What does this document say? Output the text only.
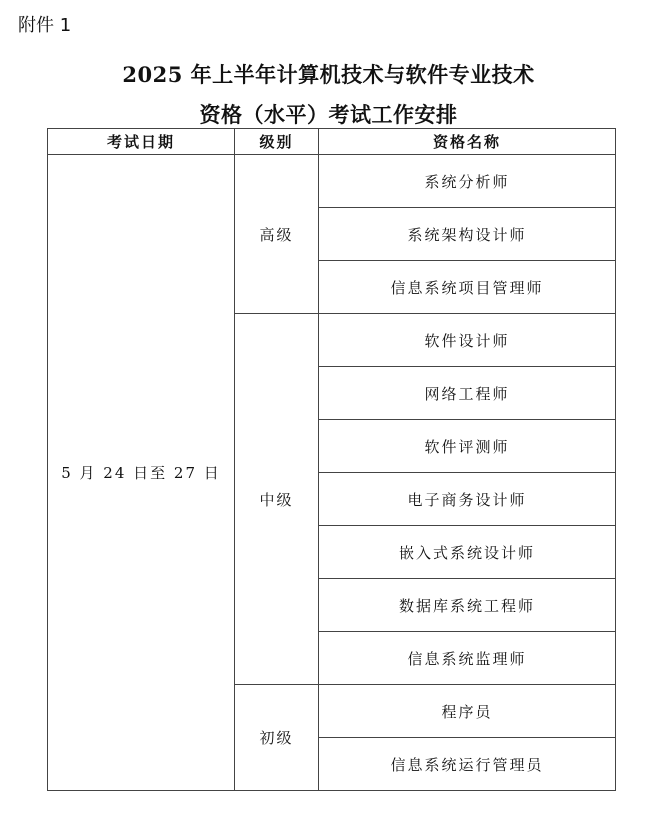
附件 1
2025 年上半年计算机技术与软件专业技术
资格（水平）考试工作安排
考试日期	级别	资格名称
5 月 24 日至 27 日	高级	系统分析师
		系统架构设计师
		信息系统项目管理师
	中级	软件设计师
		网络工程师
		软件评测师
		电子商务设计师
		嵌入式系统设计师
		数据库系统工程师
		信息系统监理师
	初级	程序员
		信息系统运行管理员
